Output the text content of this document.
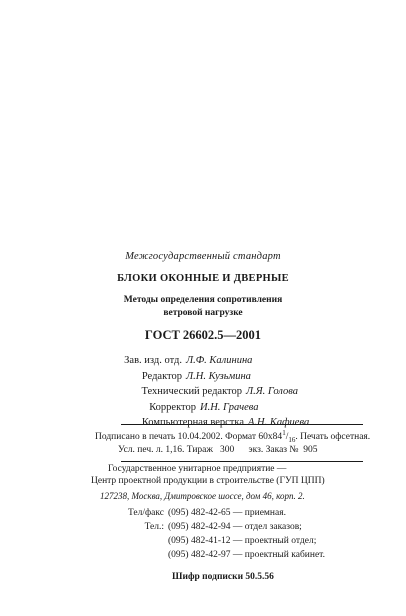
Межгосударственный стандарт
БЛОКИ ОКОННЫЕ И ДВЕРНЫЕ
Методы определения сопротивления
ветровой нагрузке
ГОСТ 26602.5—2001
Зав. изд. отд. Л.Ф. Калинина
Редактор Л.Н. Кузьмина
Технический редактор Л.Я. Голова
Корректор И.Н. Грачева
Компьютерная верстка А.Н. Кафиева
Подписано в печать 10.04.2002. Формат $60х84^1/_{16}$. Печать офсетная.
Усл. печ. л. 1,16. Тираж   300      экз. Заказ №  905
Государственное унитарное предприятие —
Центр проектной продукции в строительстве (ГУП ЦПП)
127238, Москва, Дмитровское шоссе, дом 46, корп. 2.
Тел/факс (095) 482-42-65 — приемная.
Тел.: (095) 482-42-94 — отдел заказов;
(095) 482-41-12 — проектный отдел;
(095) 482-42-97 — проектный кабинет.
Шифр подписки 50.5.56
